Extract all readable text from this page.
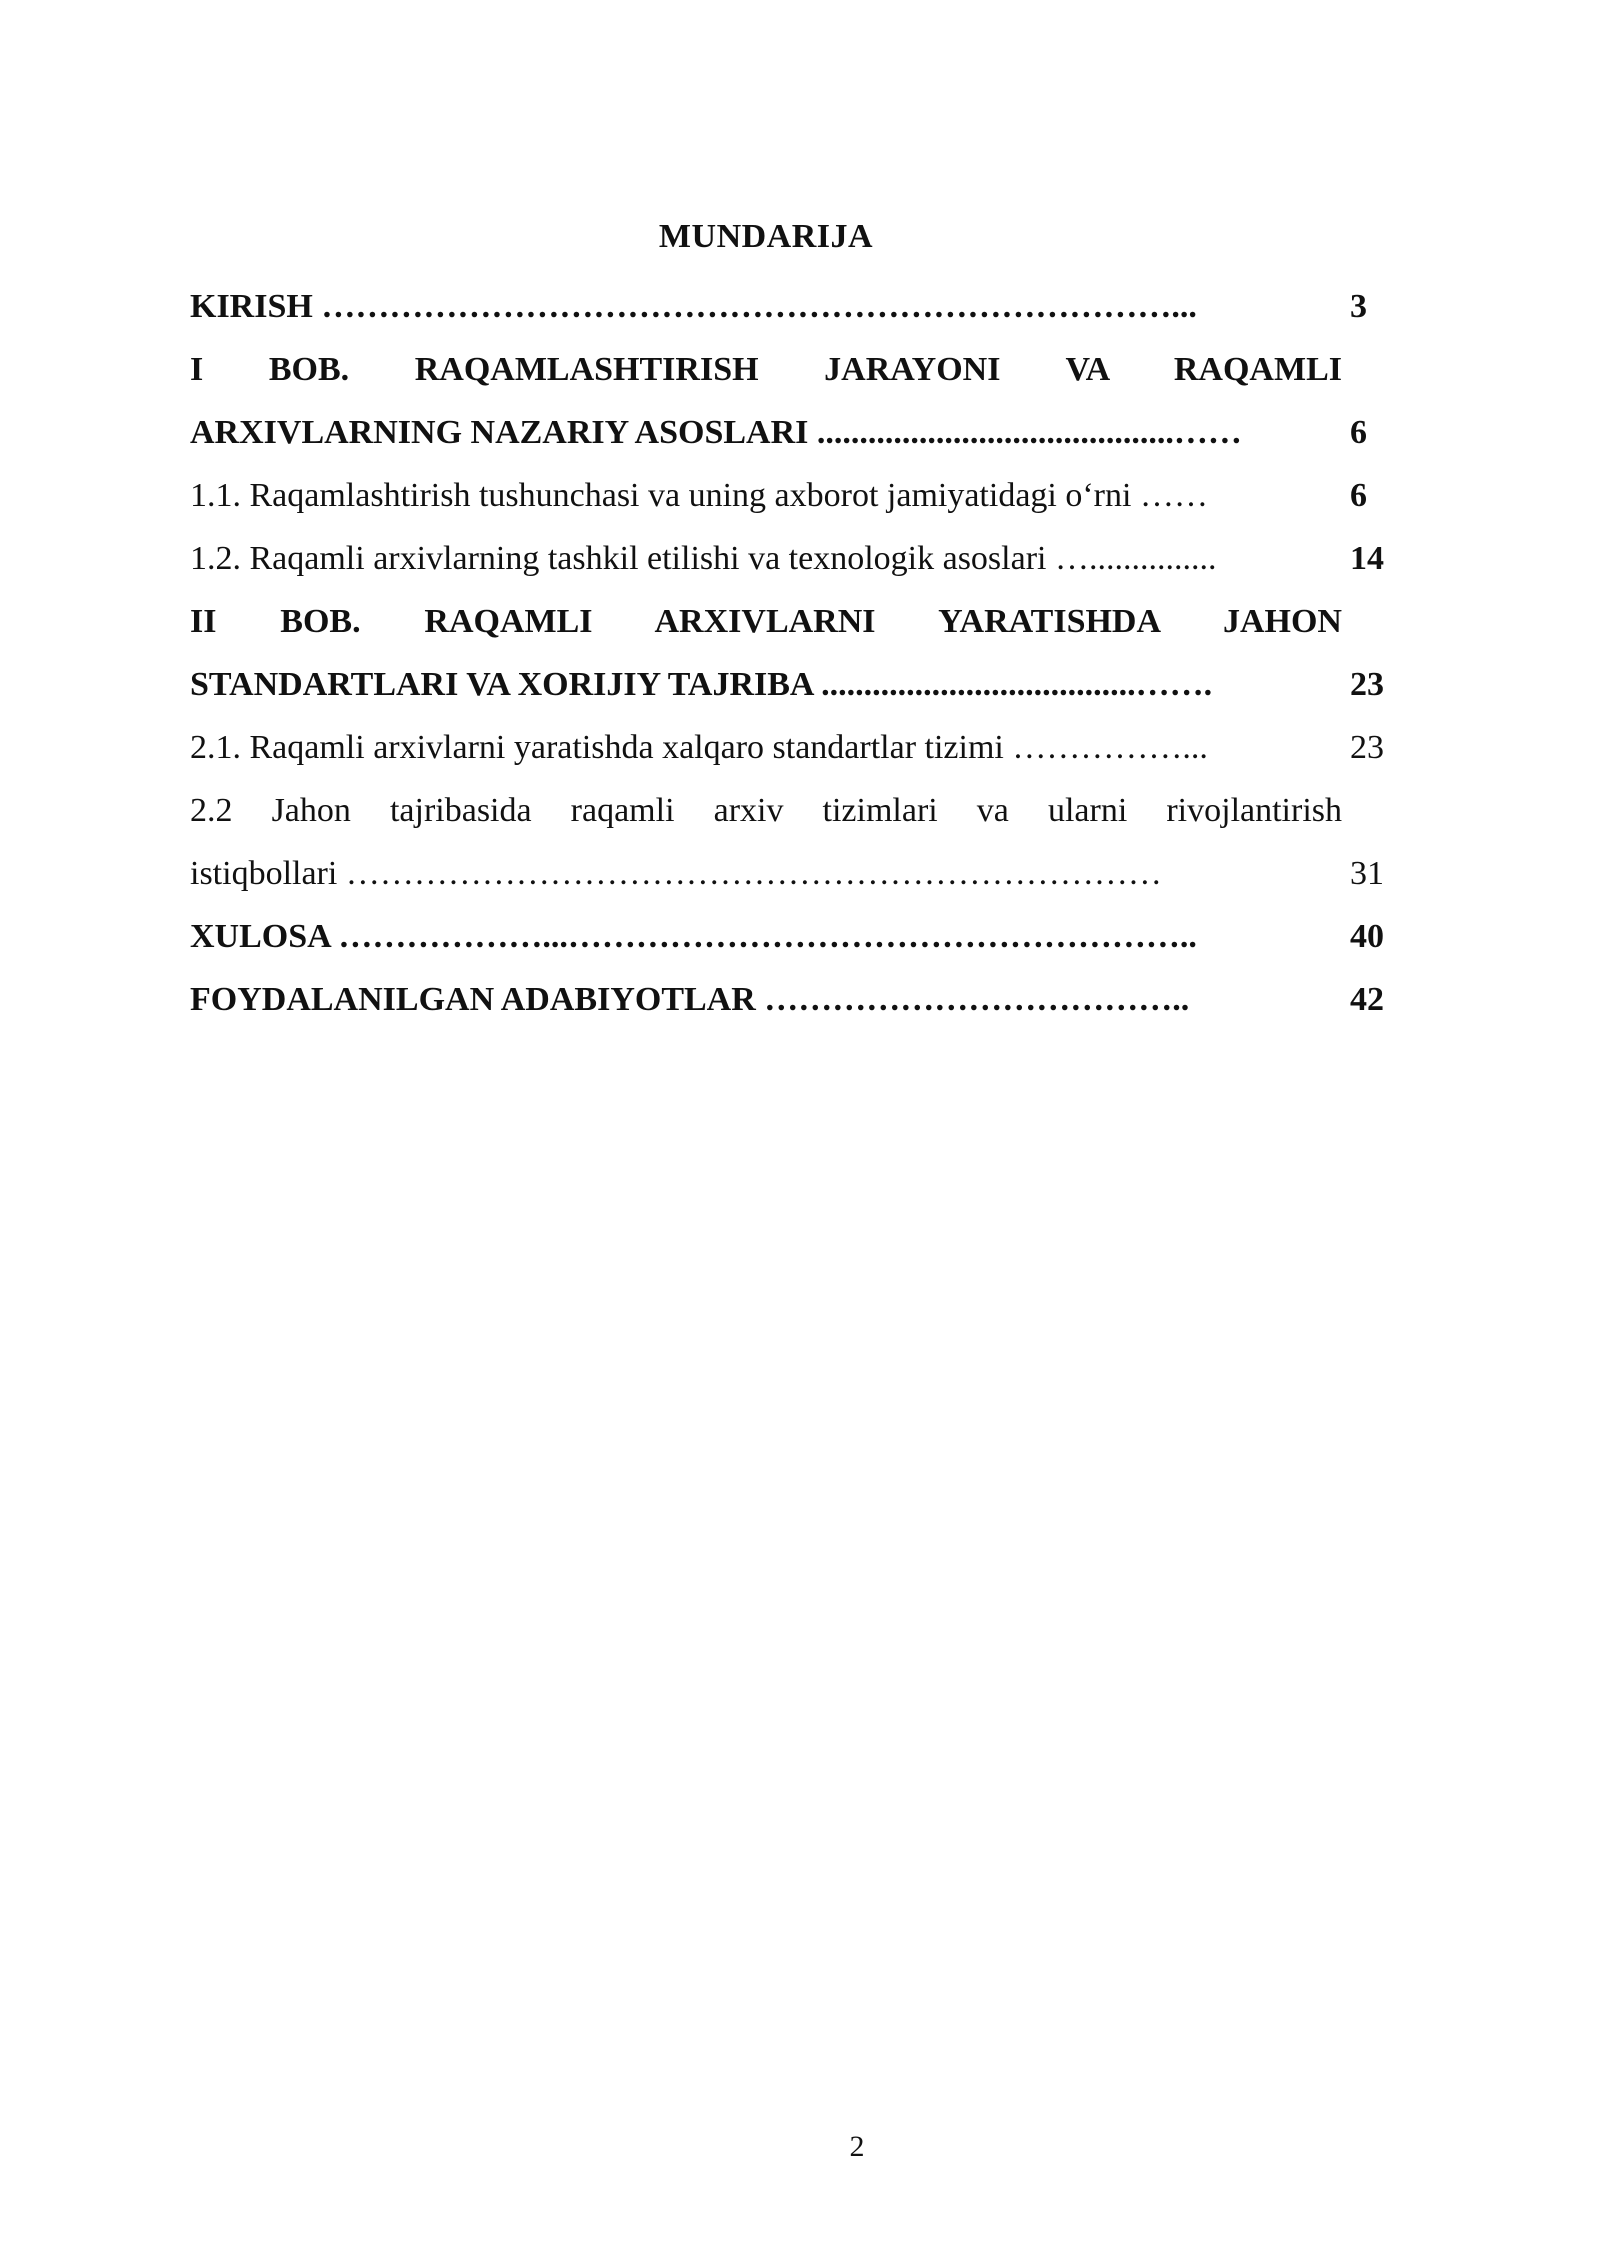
MUNDARIJA
KIRISH …………………………………………………………………...	3
I BOB. RAQAMLASHTIRISH JARAYONI VA RAQAMLI
ARXIVLARNING NAZARIY ASOSLARI ..........................................……	6
1.1. Raqamlashtirish tushunchasi va uning axborot jamiyatidagi o‘rni ……	6
1.2. Raqamli arxivlarning tashkil etilishi va texnologik asoslari …...............	14
II BOB. RAQAMLI ARXIVLARNI YARATISHDA JAHON
STANDARTLARI VA XORIJIY TAJRIBA .....................................…….	23
2.1. Raqamli arxivlarni yaratishda xalqaro standartlar tizimi ……………...	23
2.2 Jahon tajribasida raqamli arxiv tizimlari va ularni rivojlantirish
istiqbollari ………………………………………………………………	31
XULOSA ………………...………………………………………………..	40
FOYDALANILGAN ADABIYOTLAR ………………………………..	42
2
